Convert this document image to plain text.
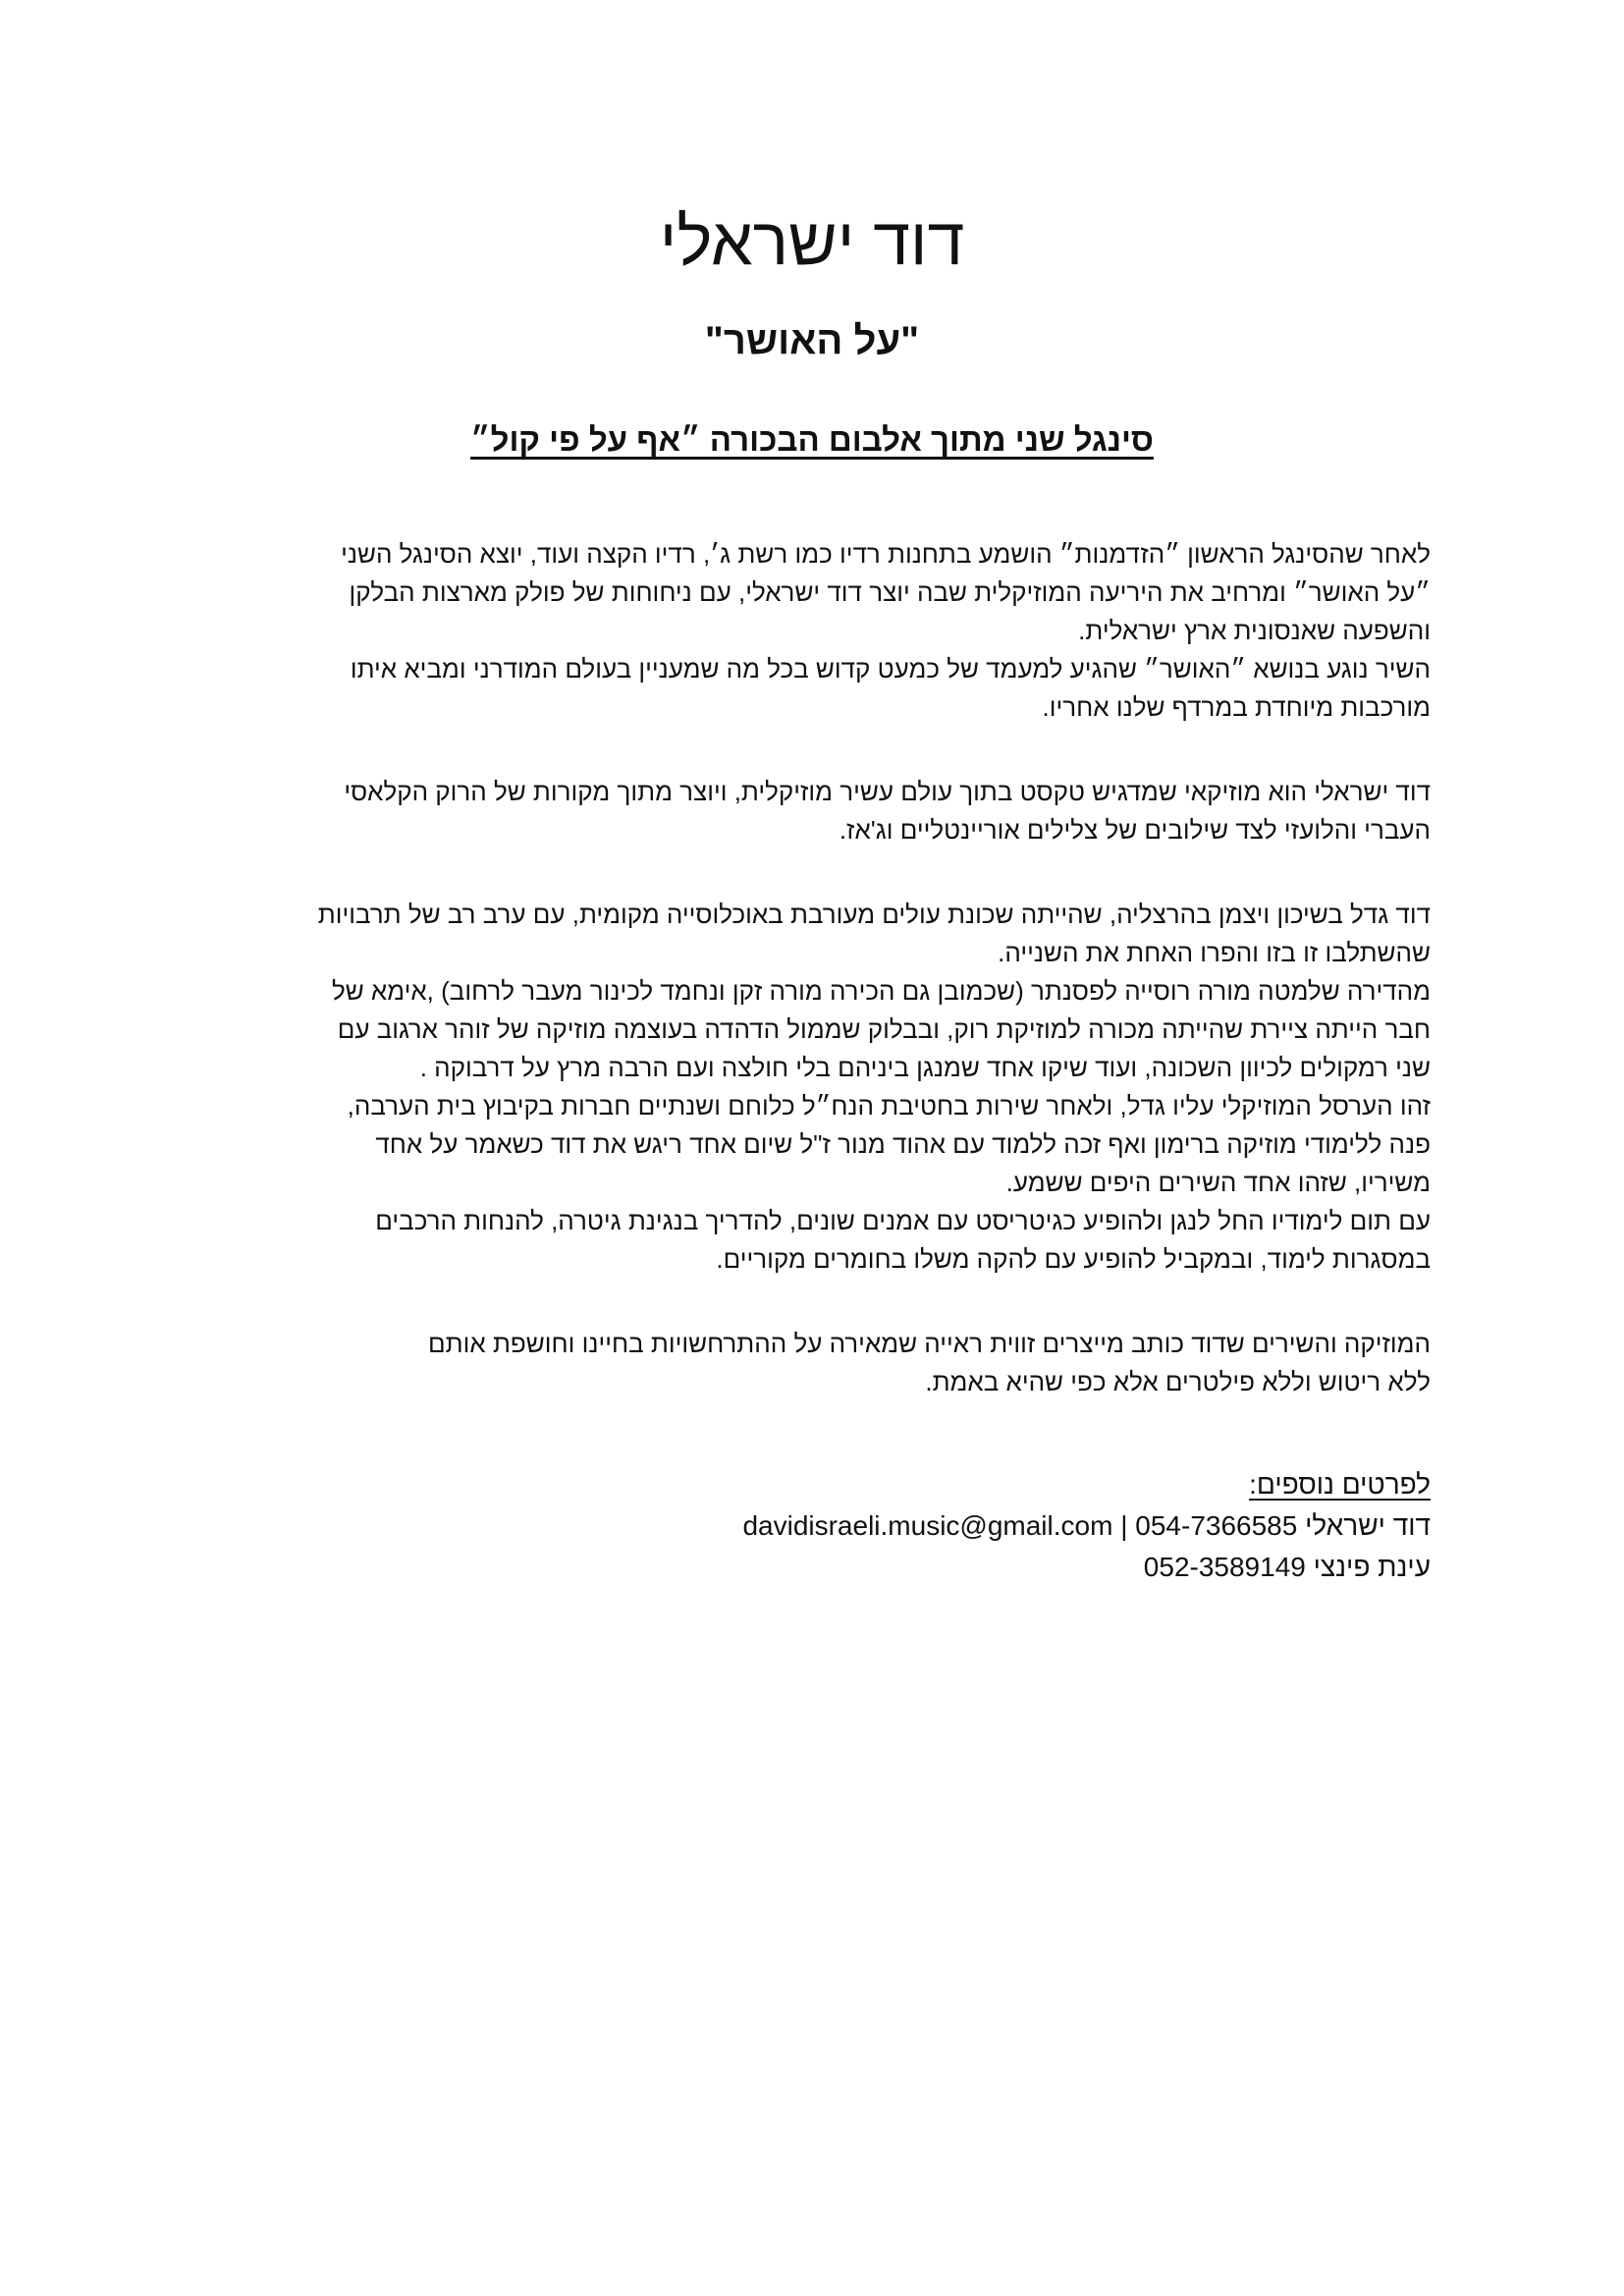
דוד ישראלי
"על האושר"
סינגל שני מתוך אלבום הבכורה ״אף על פי קול״
לאחר שהסינגל הראשון ״הזדמנות״ הושמע בתחנות רדיו כמו רשת ג׳, רדיו הקצה ועוד, יוצא הסינגל השני
״על האושר״ ומרחיב את היריעה המוזיקלית שבה יוצר דוד ישראלי, עם ניחוחות של פולק מארצות הבלקן
והשפעה שאנסונית ארץ ישראלית.
השיר נוגע בנושא ״האושר״ שהגיע למעמד של כמעט קדוש בכל מה שמעניין בעולם המודרני ומביא איתו
מורכבות מיוחדת במרדף שלנו אחריו.
דוד ישראלי הוא מוזיקאי שמדגיש טקסט בתוך עולם עשיר מוזיקלית, ויוצר מתוך מקורות של הרוק הקלאסי
העברי והלועזי לצד שילובים של צלילים אוריינטליים וג'אז.
דוד גדל בשיכון ויצמן בהרצליה, שהייתה שכונת עולים מעורבת באוכלוסייה מקומית, עם ערב רב של תרבויות
שהשתלבו זו בזו והפרו האחת את השנייה.
מהדירה שלמטה מורה רוסייה לפסנתר (שכמובן גם הכירה מורה זקן ונחמד לכינור מעבר לרחוב) ,אימא של
חבר הייתה ציירת שהייתה מכורה למוזיקת רוק, ובבלוק שממול הדהדה בעוצמה מוזיקה של זוהר ארגוב עם
שני רמקולים לכיוון השכונה, ועוד שיקו אחד שמנגן ביניהם בלי חולצה ועם הרבה מרץ על דרבוקה .
זהו הערסל המוזיקלי עליו גדל, ולאחר שירות בחטיבת הנח״ל כלוחם ושנתיים חברות בקיבוץ בית הערבה,
פנה ללימודי מוזיקה ברימון ואף זכה ללמוד עם אהוד מנור ז"ל שיום אחד ריגש את דוד כשאמר על אחד
משיריו, שזהו אחד השירים היפים ששמע.
עם תום לימודיו החל לנגן ולהופיע כגיטריסט עם אמנים שונים, להדריך בנגינת גיטרה, להנחות הרכבים
במסגרות לימוד, ובמקביל להופיע עם להקה משלו בחומרים מקוריים.
המוזיקה והשירים שדוד כותב מייצרים זווית ראייה שמאירה על ההתרחשויות בחיינו וחושפת אותם
ללא ריטוש וללא פילטרים אלא כפי שהיא באמת.
לפרטים נוספים:
דוד ישראלי 054-7366585 | davidisraeli.music@gmail.com
עינת פינצי 052-3589149
